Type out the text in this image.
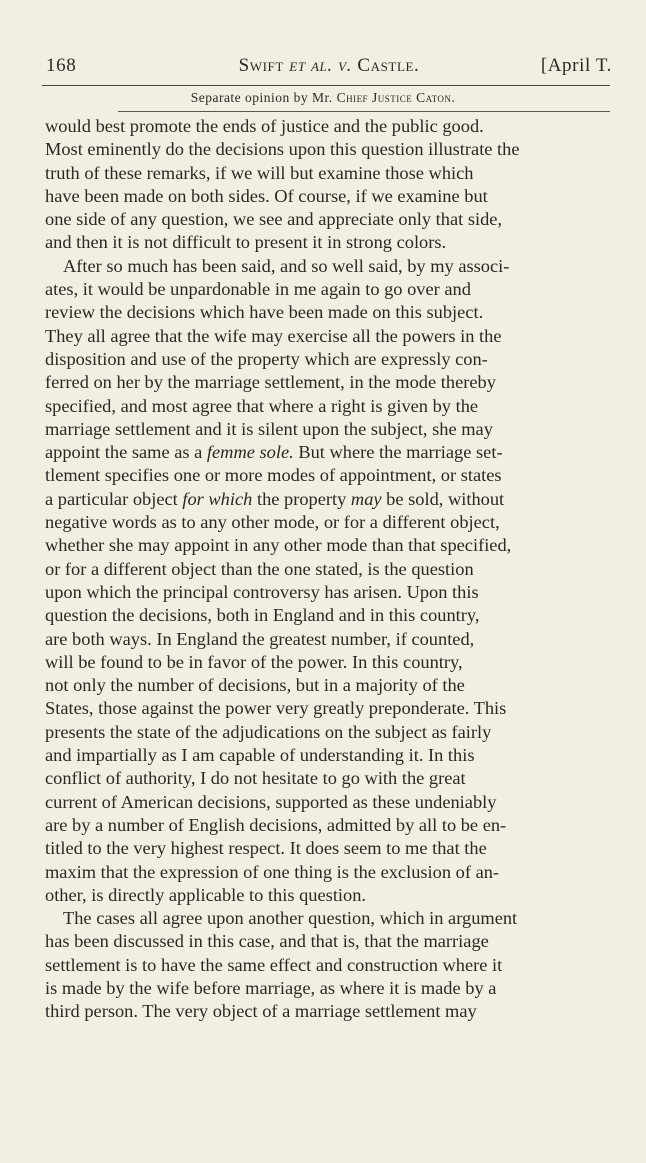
168	Swift et al. v. Castle.	[April T.
Separate opinion by Mr. Chief Justice Caton.
would best promote the ends of justice and the public good.
Most eminently do the decisions upon this question illustrate the
truth of these remarks, if we will but examine those which
have been made on both sides. Of course, if we examine but
one side of any question, we see and appreciate only that side,
and then it is not difficult to present it in strong colors.
After so much has been said, and so well said, by my associ-
ates, it would be unpardonable in me again to go over and
review the decisions which have been made on this subject.
They all agree that the wife may exercise all the powers in the
disposition and use of the property which are expressly con-
ferred on her by the marriage settlement, in the mode thereby
specified, and most agree that where a right is given by the
marriage settlement and it is silent upon the subject, she may
appoint the same as a femme sole. But where the marriage set-
tlement specifies one or more modes of appointment, or states
a particular object for which the property may be sold, without
negative words as to any other mode, or for a different object,
whether she may appoint in any other mode than that specified,
or for a different object than the one stated, is the question
upon which the principal controversy has arisen. Upon this
question the decisions, both in England and in this country,
are both ways. In England the greatest number, if counted,
will be found to be in favor of the power. In this country,
not only the number of decisions, but in a majority of the
States, those against the power very greatly preponderate. This
presents the state of the adjudications on the subject as fairly
and impartially as I am capable of understanding it. In this
conflict of authority, I do not hesitate to go with the great
current of American decisions, supported as these undeniably
are by a number of English decisions, admitted by all to be en-
titled to the very highest respect. It does seem to me that the
maxim that the expression of one thing is the exclusion of an-
other, is directly applicable to this question.
The cases all agree upon another question, which in argument
has been discussed in this case, and that is, that the marriage
settlement is to have the same effect and construction where it
is made by the wife before marriage, as where it is made by a
third person. The very object of a marriage settlement may
